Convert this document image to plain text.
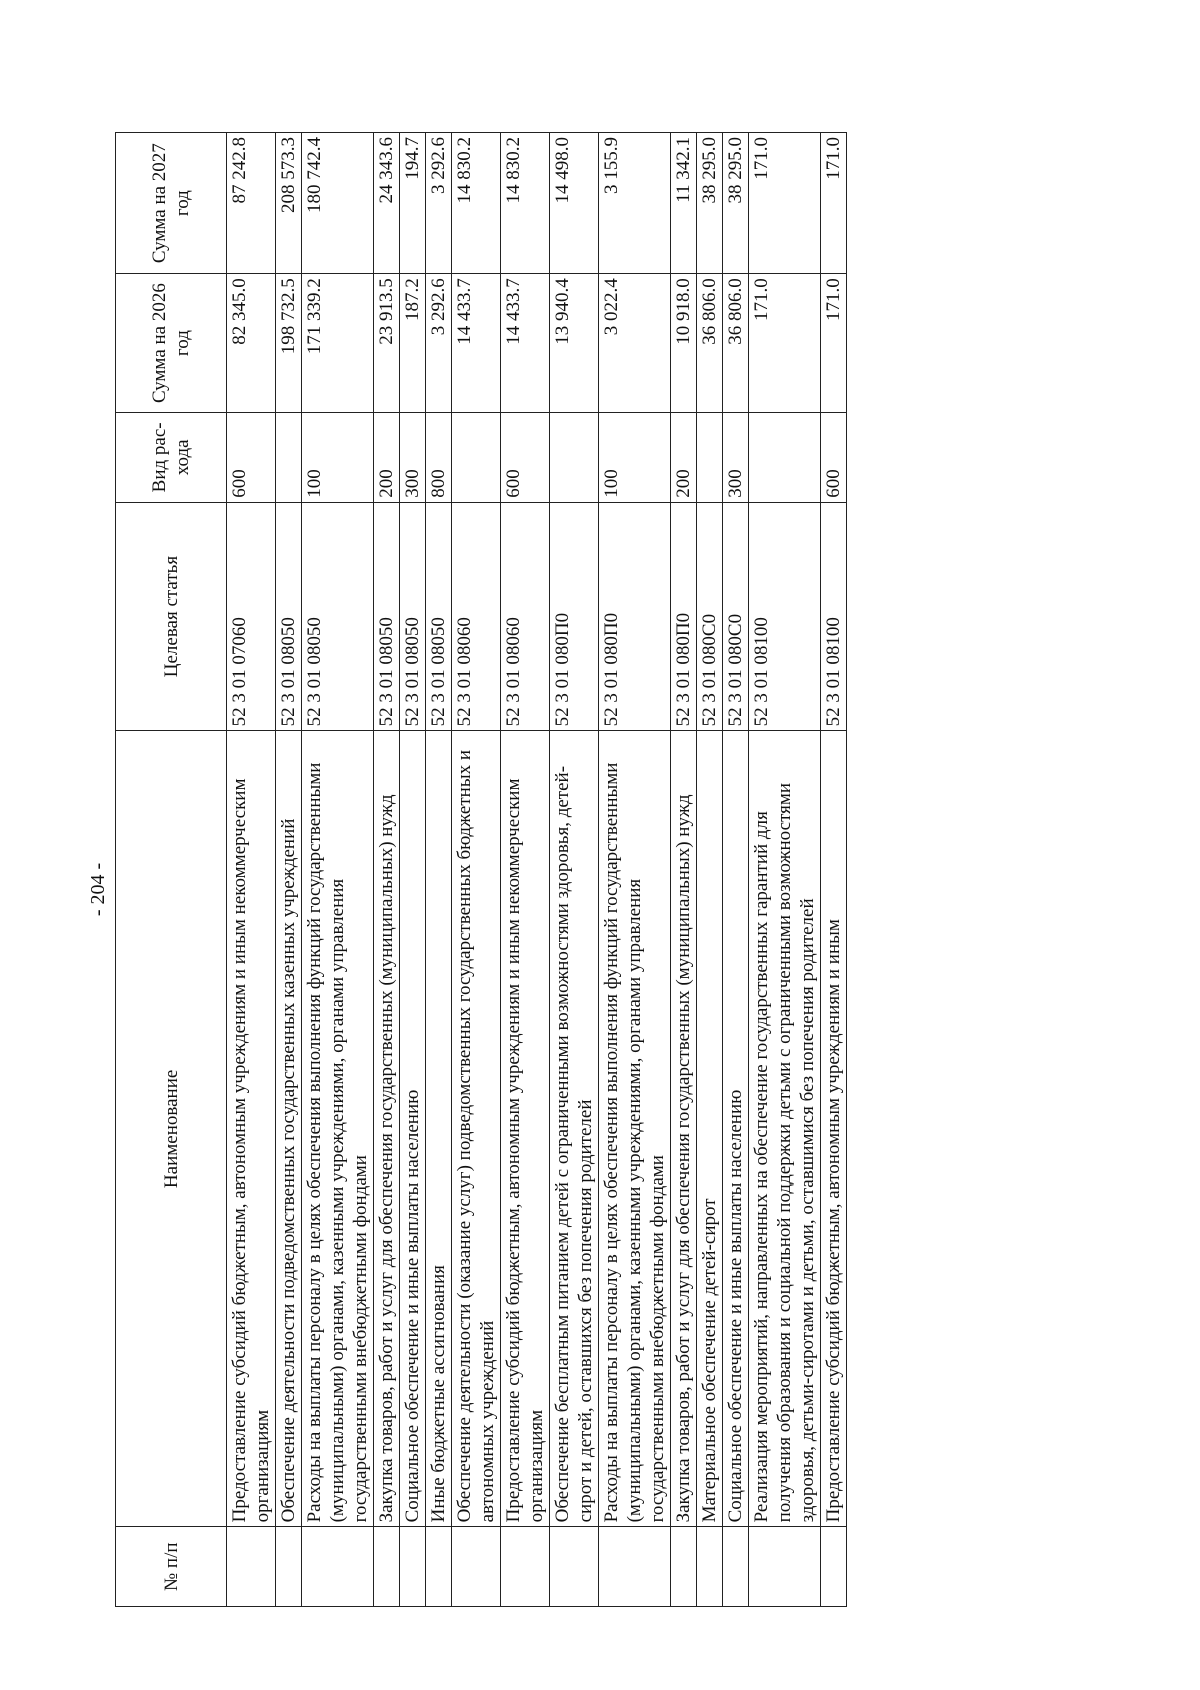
- 204 -
№ п/п	Наименование	Целевая статья	Вид рас-хода	Сумма на 2026 год	Сумма на 2027 год
	Предоставление субсидий бюджетным, автономным учреждениям и иным некоммерческим организациям	52 3 01 07060	600	82 345.0	87 242.8
	Обеспечение деятельности подведомственных государственных казенных учреждений	52 3 01 08050		198 732.5	208 573.3
	Расходы на выплаты персоналу в целях обеспечения выполнения функций государственными (муниципальными) органами, казенными учреждениями, органами управления государственными внебюджетными фондами	52 3 01 08050	100	171 339.2	180 742.4
	Закупка товаров, работ и услуг для обеспечения государственных (муниципальных) нужд	52 3 01 08050	200	23 913.5	24 343.6
	Социальное обеспечение и иные выплаты населению	52 3 01 08050	300	187.2	194.7
	Иные бюджетные ассигнования	52 3 01 08050	800	3 292.6	3 292.6
	Обеспечение деятельности (оказание услуг) подведомственных государственных бюджетных и автономных учреждений	52 3 01 08060		14 433.7	14 830.2
	Предоставление субсидий бюджетным, автономным учреждениям и иным некоммерческим организациям	52 3 01 08060	600	14 433.7	14 830.2
	Обеспечение бесплатным питанием детей с ограниченными возможностями здоровья, детей-сирот и детей, оставшихся без попечения родителей	52 3 01 080П0		13 940.4	14 498.0
	Расходы на выплаты персоналу в целях обеспечения выполнения функций государственными (муниципальными) органами, казенными учреждениями, органами управления государственными внебюджетными фондами	52 3 01 080П0	100	3 022.4	3 155.9
	Закупка товаров, работ и услуг для обеспечения государственных (муниципальных) нужд	52 3 01 080П0	200	10 918.0	11 342.1
	Материальное обеспечение детей-сирот	52 3 01 080С0		36 806.0	38 295.0
	Социальное обеспечение и иные выплаты населению	52 3 01 080С0	300	36 806.0	38 295.0
	Реализация мероприятий, направленных на обеспечение государственных гарантий для получения образования и социальной поддержки детьми с ограниченными возможностями здоровья, детьми-сиротами и детьми, оставшимися без попечения родителей	52 3 01 08100		171.0	171.0
	Предоставление субсидий бюджетным, автономным учреждениям и иным	52 3 01 08100	600	171.0	171.0
